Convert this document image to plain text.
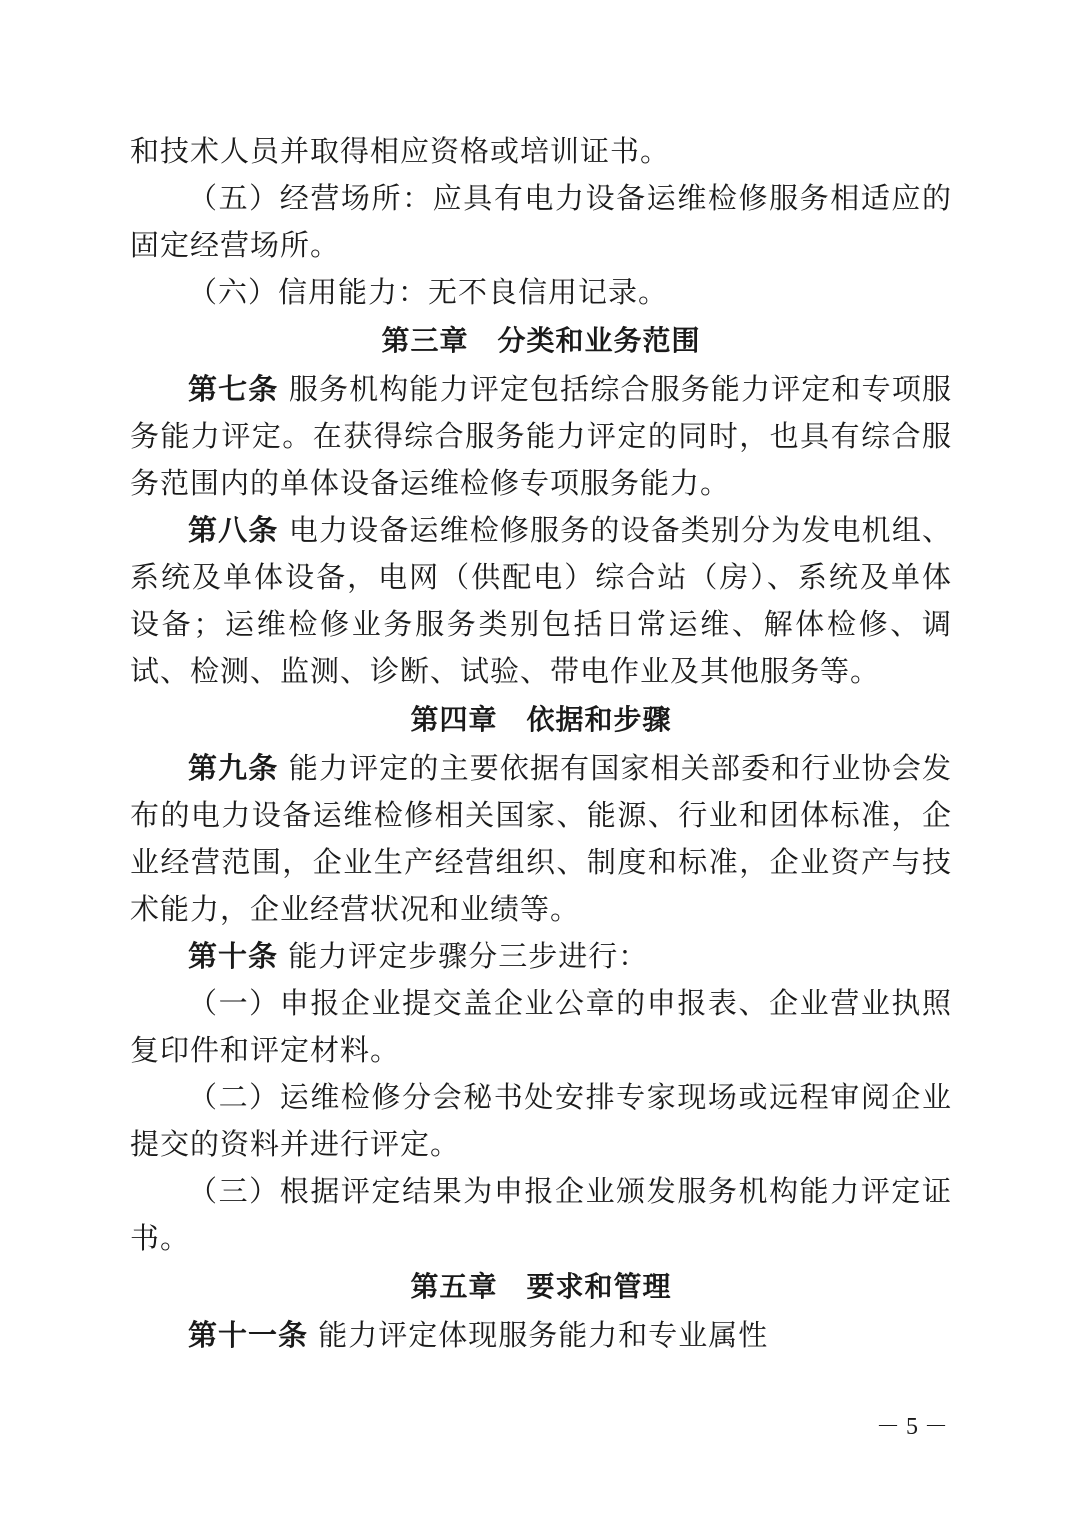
和技术人员并取得相应资格或培训证书。

（五）经营场所：应具有电力设备运维检修服务相适应的固定经营场所。

（六）信用能力：无不良信用记录。

第三章　分类和业务范围

第七条 服务机构能力评定包括综合服务能力评定和专项服务能力评定。在获得综合服务能力评定的同时，也具有综合服务范围内的单体设备运维检修专项服务能力。

第八条 电力设备运维检修服务的设备类别分为发电机组、系统及单体设备，电网（供配电）综合站（房）、系统及单体设备；运维检修业务服务类别包括日常运维、解体检修、调试、检测、监测、诊断、试验、带电作业及其他服务等。

第四章　依据和步骤

第九条 能力评定的主要依据有国家相关部委和行业协会发布的电力设备运维检修相关国家、能源、行业和团体标准，企业经营范围，企业生产经营组织、制度和标准，企业资产与技术能力，企业经营状况和业绩等。

第十条 能力评定步骤分三步进行：

（一）申报企业提交盖企业公章的申报表、企业营业执照复印件和评定材料。

（二）运维检修分会秘书处安排专家现场或远程审阅企业提交的资料并进行评定。

（三）根据评定结果为申报企业颁发服务机构能力评定证书。

第五章　要求和管理

第十一条 能力评定体现服务能力和专业属性

－ 5 －
